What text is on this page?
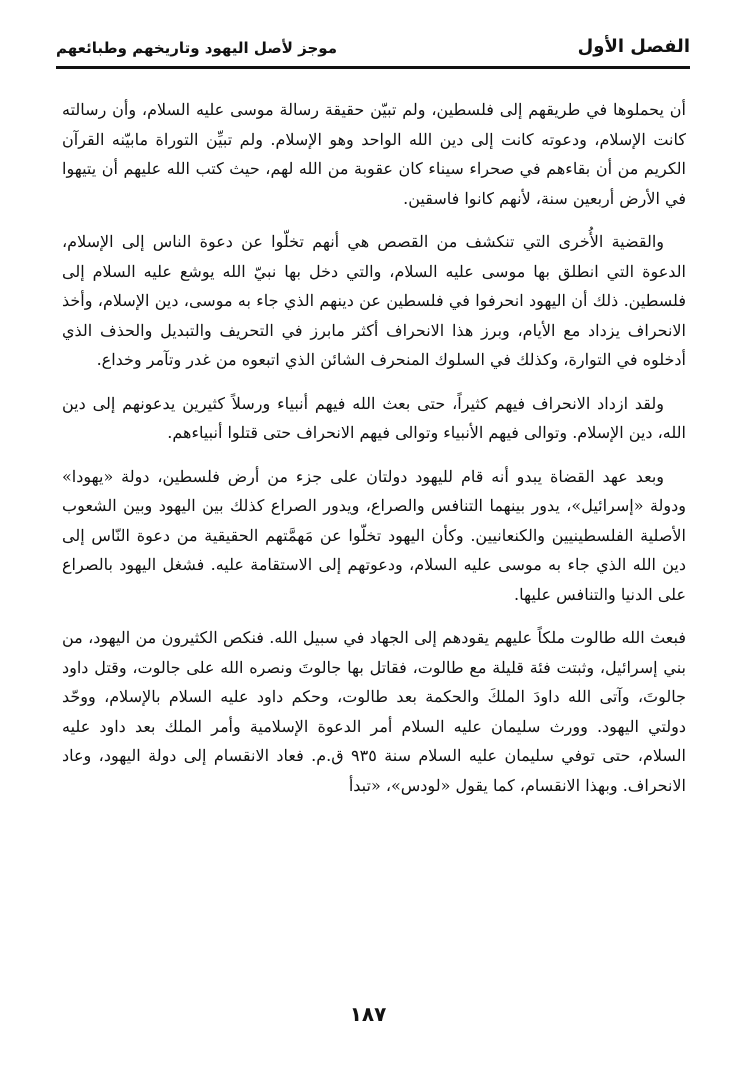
الفصل الأول
موجز لأصل اليهود وتاريخهم وطبائعهم

أن يحملوها في طريقهم إلى فلسطين، ولم تبيّن حقيقة رسالة موسى عليه السلام، وأن رسالته كانت الإسلام، ودعوته كانت إلى دين الله الواحد وهو الإسلام. ولم تبيِّن التوراة مابيّنه القرآن الكريم من أن بقاءهم في صحراء سيناء كان عقوبة من الله لهم، حيث كتب الله عليهم أن يتيهوا في الأرض أربعين سنة، لأنهم كانوا فاسقين.

والقضية الأُخرى التي تنكشف من القصص هي أنهم تخلّوا عن دعوة الناس إلى الإسلام، الدعوة التي انطلق بها موسى عليه السلام، والتي دخل بها نبيّ الله يوشع عليه السلام إلى فلسطين. ذلك أن اليهود انحرفوا في فلسطين عن دينهم الذي جاء به موسى، دين الإسلام، وأخذ الانحراف يزداد مع الأيام، وبرز هذا الانحراف أكثر مابرز في التحريف والتبديل والحذف الذي أدخلوه في التوارة، وكذلك في السلوك المنحرف الشائن الذي اتبعوه من غدر وتآمر وخداع.

ولقد ازداد الانحراف فيهم كثيراً، حتى بعث الله فيهم أنبياء ورسلاً كثيرين يدعونهم إلى دين الله، دين الإسلام. وتوالى فيهم الأنبياء وتوالى فيهم الانحراف حتى قتلوا أنبياءهم.

وبعد عهد القضاة يبدو أنه قام لليهود دولتان على جزء من أرض فلسطين، دولة «يهودا» ودولة «إسرائيل»، يدور بينهما التنافس والصراع، ويدور الصراع كذلك بين اليهود وبين الشعوب الأصلية الفلسطينيين والكنعانيين. وكأن اليهود تخلّوا عن مَهمَّتهم الحقيقية من دعوة النّاس إلى دين الله الذي جاء به موسى عليه السلام، ودعوتهم إلى الاستقامة عليه. فشغل اليهود بالصراع على الدنيا والتنافس عليها.

فبعث الله طالوت ملكاً عليهم يقودهم إلى الجهاد في سبيل الله. فنكص الكثيرون من اليهود، من بني إسرائيل، وثبتت فئة قليلة مع طالوت، فقاتل بها جالوتَ ونصره الله على جالوت، وقتل داود جالوتَ، وآتى الله داودَ الملكَ والحكمة بعد طالوت، وحكم داود عليه السلام بالإسلام، ووحّد دولتي اليهود. وورث سليمان عليه السلام أمر الدعوة الإسلامية وأمر الملك بعد داود عليه السلام، حتى توفي سليمان عليه السلام سنة ٩٣٥ ق.م. فعاد الانقسام إلى دولة اليهود، وعاد الانحراف. وبهذا الانقسام، كما يقول «لودس»، «تبدأ

١٨٧
